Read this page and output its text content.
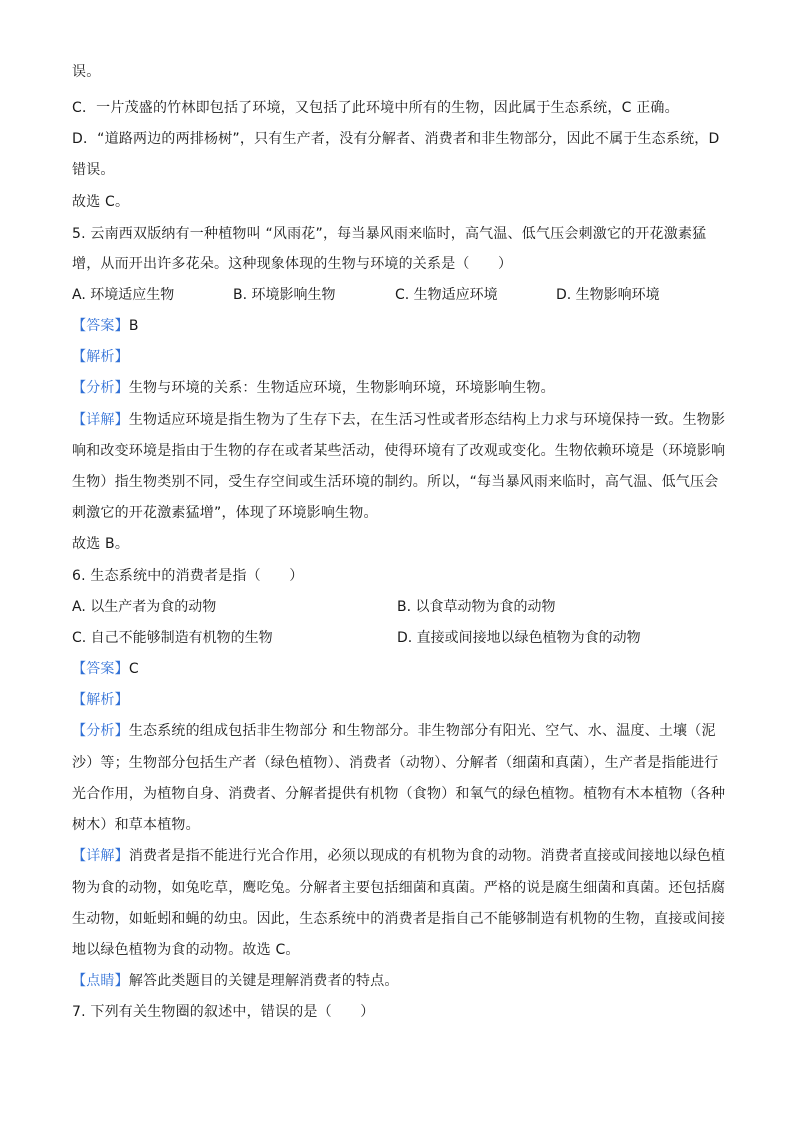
误。
C．一片茂盛的竹林即包括了环境，又包括了此环境中所有的生物，因此属于生态系统，C 正确。
D．“道路两边的两排杨树”，只有生产者，没有分解者、消费者和非生物部分，因此不属于生态系统，D
错误。
故选 C。
5. 云南西双版纳有一种植物叫 “风雨花”，每当暴风雨来临时，高气温、低气压会刺激它的开花激素猛
增，从而开出许多花朵。这种现象体现的生物与环境的关系是（　　）
A. 环境适应生物	B. 环境影响生物	C. 生物适应环境	D. 生物影响环境
【答案】B
【解析】
【分析】生物与环境的关系：生物适应环境，生物影响环境，环境影响生物。
【详解】生物适应环境是指生物为了生存下去，在生活习性或者形态结构上力求与环境保持一致。生物影
响和改变环境是指由于生物的存在或者某些活动，使得环境有了改观或变化。生物依赖环境是（环境影响
生物）指生物类别不同，受生存空间或生活环境的制约。所以，“每当暴风雨来临时，高气温、低气压会
刺激它的开花激素猛增”，体现了环境影响生物。
故选 B。
6. 生态系统中的消费者是指（　　）
A. 以生产者为食的动物	B. 以食草动物为食的动物
C. 自己不能够制造有机物的生物	D. 直接或间接地以绿色植物为食的动物
【答案】C
【解析】
【分析】生态系统的组成包括非生物部分 和生物部分。非生物部分有阳光、空气、水、温度、土壤（泥
沙）等；生物部分包括生产者（绿色植物）、消费者（动物）、分解者（细菌和真菌），生产者是指能进行
光合作用，为植物自身、消费者、分解者提供有机物（食物）和氧气的绿色植物。植物有木本植物（各种
树木）和草本植物。
【详解】消费者是指不能进行光合作用，必须以现成的有机物为食的动物。消费者直接或间接地以绿色植
物为食的动物，如兔吃草，鹰吃兔。分解者主要包括细菌和真菌。严格的说是腐生细菌和真菌。还包括腐
生动物，如蚯蚓和蝇的幼虫。因此，生态系统中的消费者是指自己不能够制造有机物的生物，直接或间接
地以绿色植物为食的动物。故选 C。
【点睛】解答此类题目的关键是理解消费者的特点。
7. 下列有关生物圈的叙述中，错误的是（　　）
